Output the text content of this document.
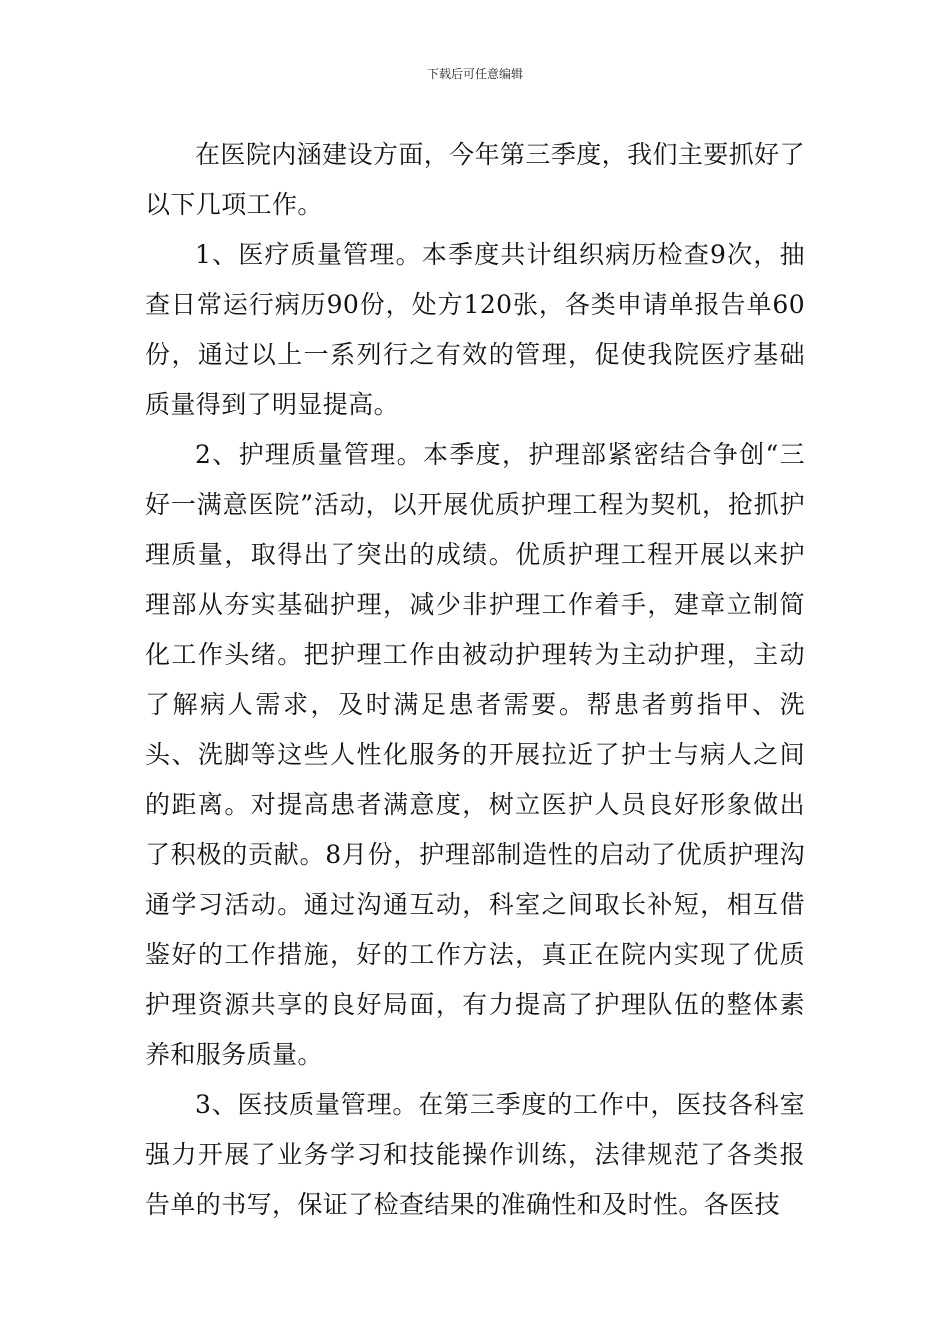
下载后可任意编辑

在医院内涵建设方面，今年第三季度，我们主要抓好了以下几项工作。

1、医疗质量管理。本季度共计组织病历检查9次，抽查日常运行病历90份，处方120张，各类申请单报告单60份，通过以上一系列行之有效的管理，促使我院医疗基础质量得到了明显提高。

2、护理质量管理。本季度，护理部紧密结合争创“三好一满意医院”活动，以开展优质护理工程为契机，抢抓护理质量，取得出了突出的成绩。优质护理工程开展以来护理部从夯实基础护理，减少非护理工作着手，建章立制简化工作头绪。把护理工作由被动护理转为主动护理，主动了解病人需求，及时满足患者需要。帮患者剪指甲、洗头、洗脚等这些人性化服务的开展拉近了护士与病人之间的距离。对提高患者满意度，树立医护人员良好形象做出了积极的贡献。8月份，护理部制造性的启动了优质护理沟通学习活动。通过沟通互动，科室之间取长补短，相互借鉴好的工作措施，好的工作方法，真正在院内实现了优质护理资源共享的良好局面，有力提高了护理队伍的整体素养和服务质量。

3、医技质量管理。在第三季度的工作中，医技各科室强力开展了业务学习和技能操作训练，法律规范了各类报告单的书写，保证了检查结果的准确性和及时性。各医技
